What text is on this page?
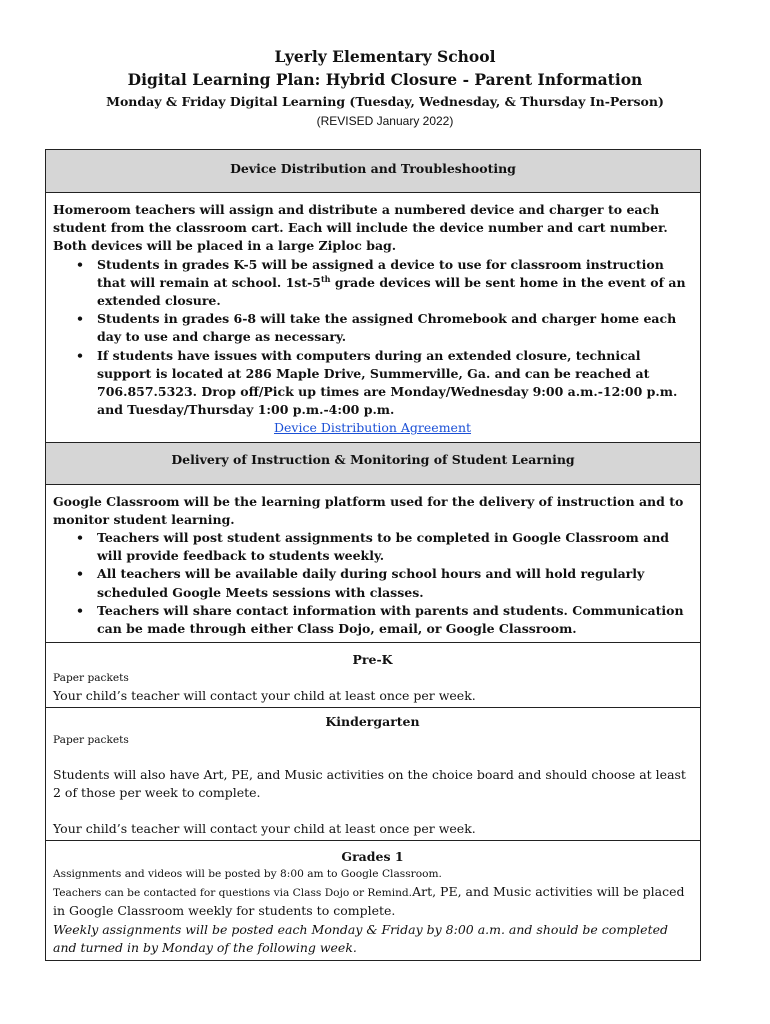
Lyerly Elementary School
Digital Learning Plan: Hybrid Closure - Parent Information
Monday & Friday Digital Learning (Tuesday, Wednesday, & Thursday In-Person)
(REVISED January 2022)
Device Distribution and Troubleshooting
Homeroom teachers will assign and distribute a numbered device and charger to each student from the classroom cart. Each will include the device number and cart number. Both devices will be placed in a large Ziploc bag.
• Students in grades K-5 will be assigned a device to use for classroom instruction that will remain at school. 1st-5th grade devices will be sent home in the event of an extended closure.
• Students in grades 6-8 will take the assigned Chromebook and charger home each day to use and charge as necessary.
• If students have issues with computers during an extended closure, technical support is located at 286 Maple Drive, Summerville, Ga. and can be reached at 706.857.5323. Drop off/Pick up times are Monday/Wednesday 9:00 a.m.-12:00 p.m. and Tuesday/Thursday 1:00 p.m.-4:00 p.m.
Device Distribution Agreement
Delivery of Instruction & Monitoring of Student Learning
Google Classroom will be the learning platform used for the delivery of instruction and to monitor student learning.
• Teachers will post student assignments to be completed in Google Classroom and will provide feedback to students weekly.
• All teachers will be available daily during school hours and will hold regularly scheduled Google Meets sessions with classes.
• Teachers will share contact information with parents and students. Communication can be made through either Class Dojo, email, or Google Classroom.
Pre-K
Paper packets
Your child’s teacher will contact your child at least once per week.
Kindergarten
Paper packets
Students will also have Art, PE, and Music activities on the choice board and should choose at least 2 of those per week to complete.
Your child’s teacher will contact your child at least once per week.
Grades 1
Assignments and videos will be posted by 8:00 am to Google Classroom.
Teachers can be contacted for questions via Class Dojo or Remind.Art, PE, and Music activities will be placed in Google Classroom weekly for students to complete.
Weekly assignments will be posted each Monday & Friday by 8:00 a.m. and should be completed and turned in by Monday of the following week.
